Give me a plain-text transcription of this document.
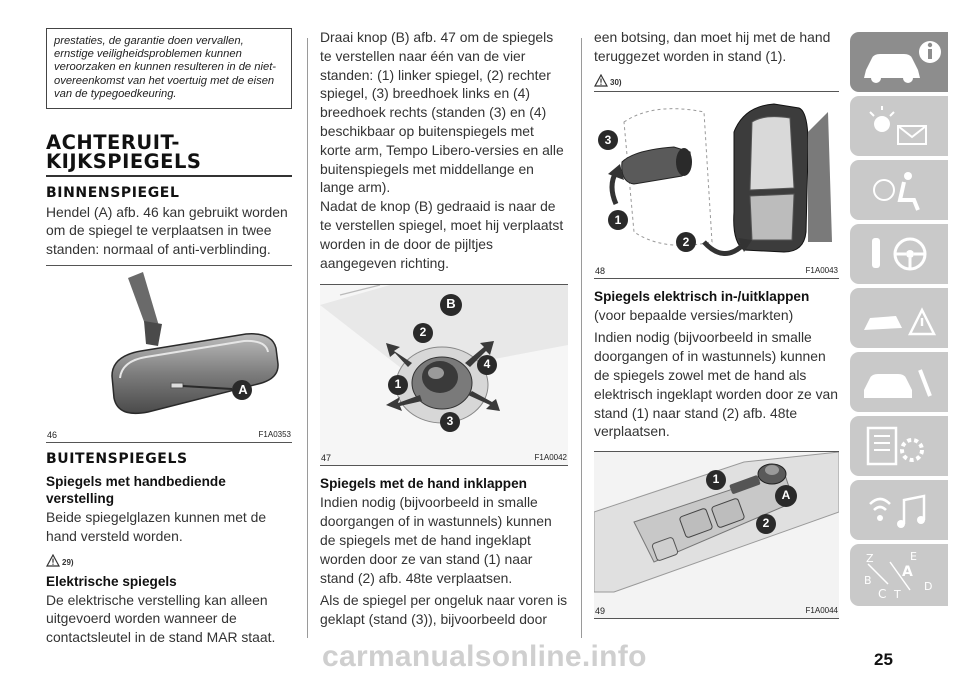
prestaties, de garantie doen vervallen, ernstige veiligheidsproblemen kunnen veroorzaken en kunnen resulteren in de niet-overeenkomst van het voertuig met de eisen van de typegoedkeuring.
ACHTERUIT-
KIJKSPIEGELS
BINNENSPIEGEL

Hendel (A) afb. 46 kan gebruikt worden om de spiegel te verplaatsen in twee standen: normaal of anti-verblinding.

A
46	F1A0353
BUITENSPIEGELS
Spiegels met handbediende verstelling

Beide spiegelglazen kunnen met de hand versteld worden.

29)
Elektrische spiegels

De elektrische verstelling kan alleen uitgevoerd worden wanneer de contactsleutel in de stand MAR staat.

Draai knop (B) afb. 47 om de spiegels te verstellen naar één van de vier standen: (1) linker spiegel, (2) rechter spiegel, (3) breedhoek links en (4) breedhoek rechts (standen (3) en (4) beschikbaar op buitenspiegels met korte arm, Tempo Libero-versies en alle buitenspiegels met middellange en lange arm).

Nadat de knop (B) gedraaid is naar de te verstellen spiegel, moet hij verplaatst worden in de door de pijltjes aangegeven richting.

B
2
4
1
3
47	F1A0042
Spiegels met de hand inklappen

Indien nodig (bijvoorbeeld in smalle doorgangen of in wastunnels) kunnen de spiegels met de hand ingeklapt worden door ze van stand (1) naar stand (2) afb. 48te verplaatsen.

Als de spiegel per ongeluk naar voren is geklapt (stand (3)), bijvoorbeeld door

een botsing, dan moet hij met de hand teruggezet worden in stand (1).

30)
3
1
2
48	F1A0043
Spiegels elektrisch in-/uitklappen

(voor bepaalde versies/markten)

Indien nodig (bijvoorbeeld in smalle doorgangen of in wastunnels) kunnen de spiegels zowel met de hand als elektrisch ingeklapt worden door ze van stand (1) naar stand (2) afb. 48te verplaatsen.

1
A
2
49	F1A0044
Z	E
A
B
C T
D
carmanualsonline.info	25
